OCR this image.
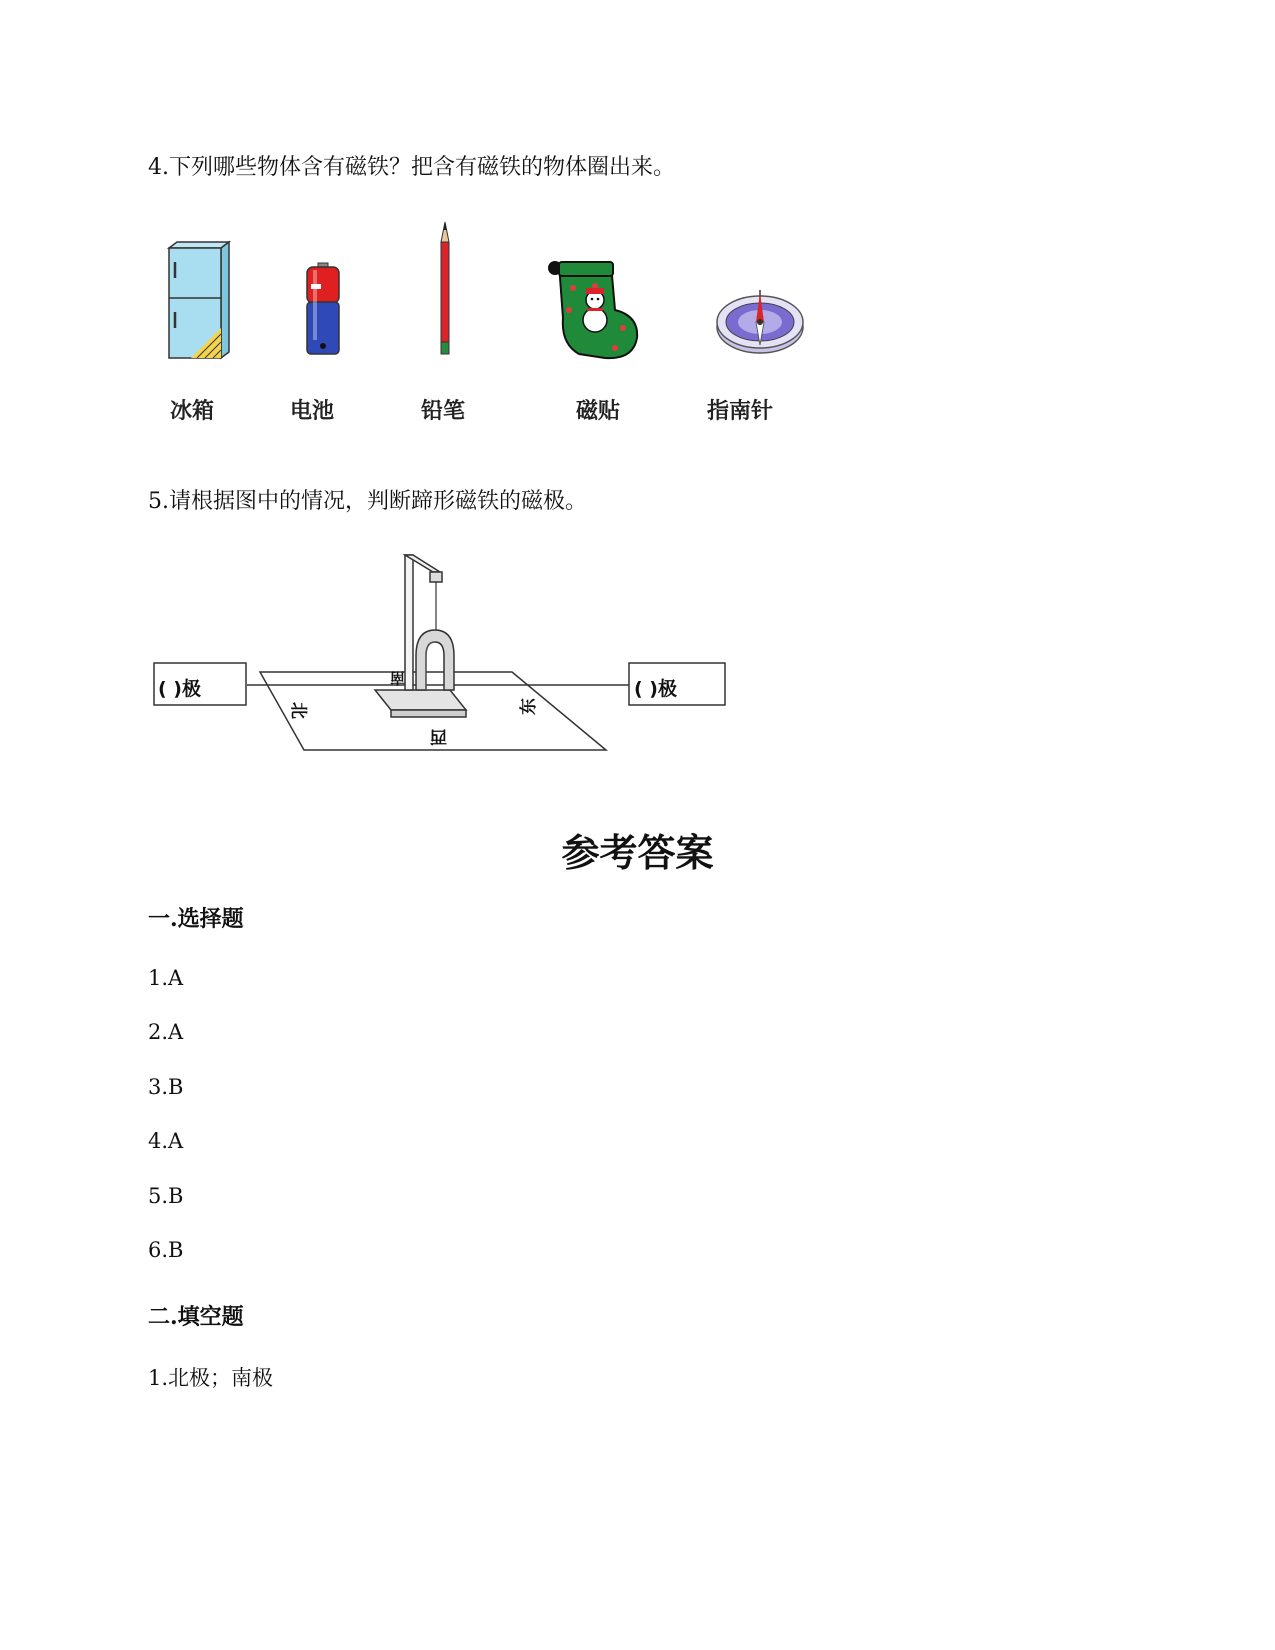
4.下列哪些物体含有磁铁？把含有磁铁的物体圈出来。
冰箱	电池	铅笔	磁贴	指南针
5.请根据图中的情况，判断蹄形磁铁的磁极。
( )极	( )极
北
南
西
东
参考答案
一.选择题
1.A
2.A
3.B
4.A
5.B
6.B
二.填空题
1.北极；南极
